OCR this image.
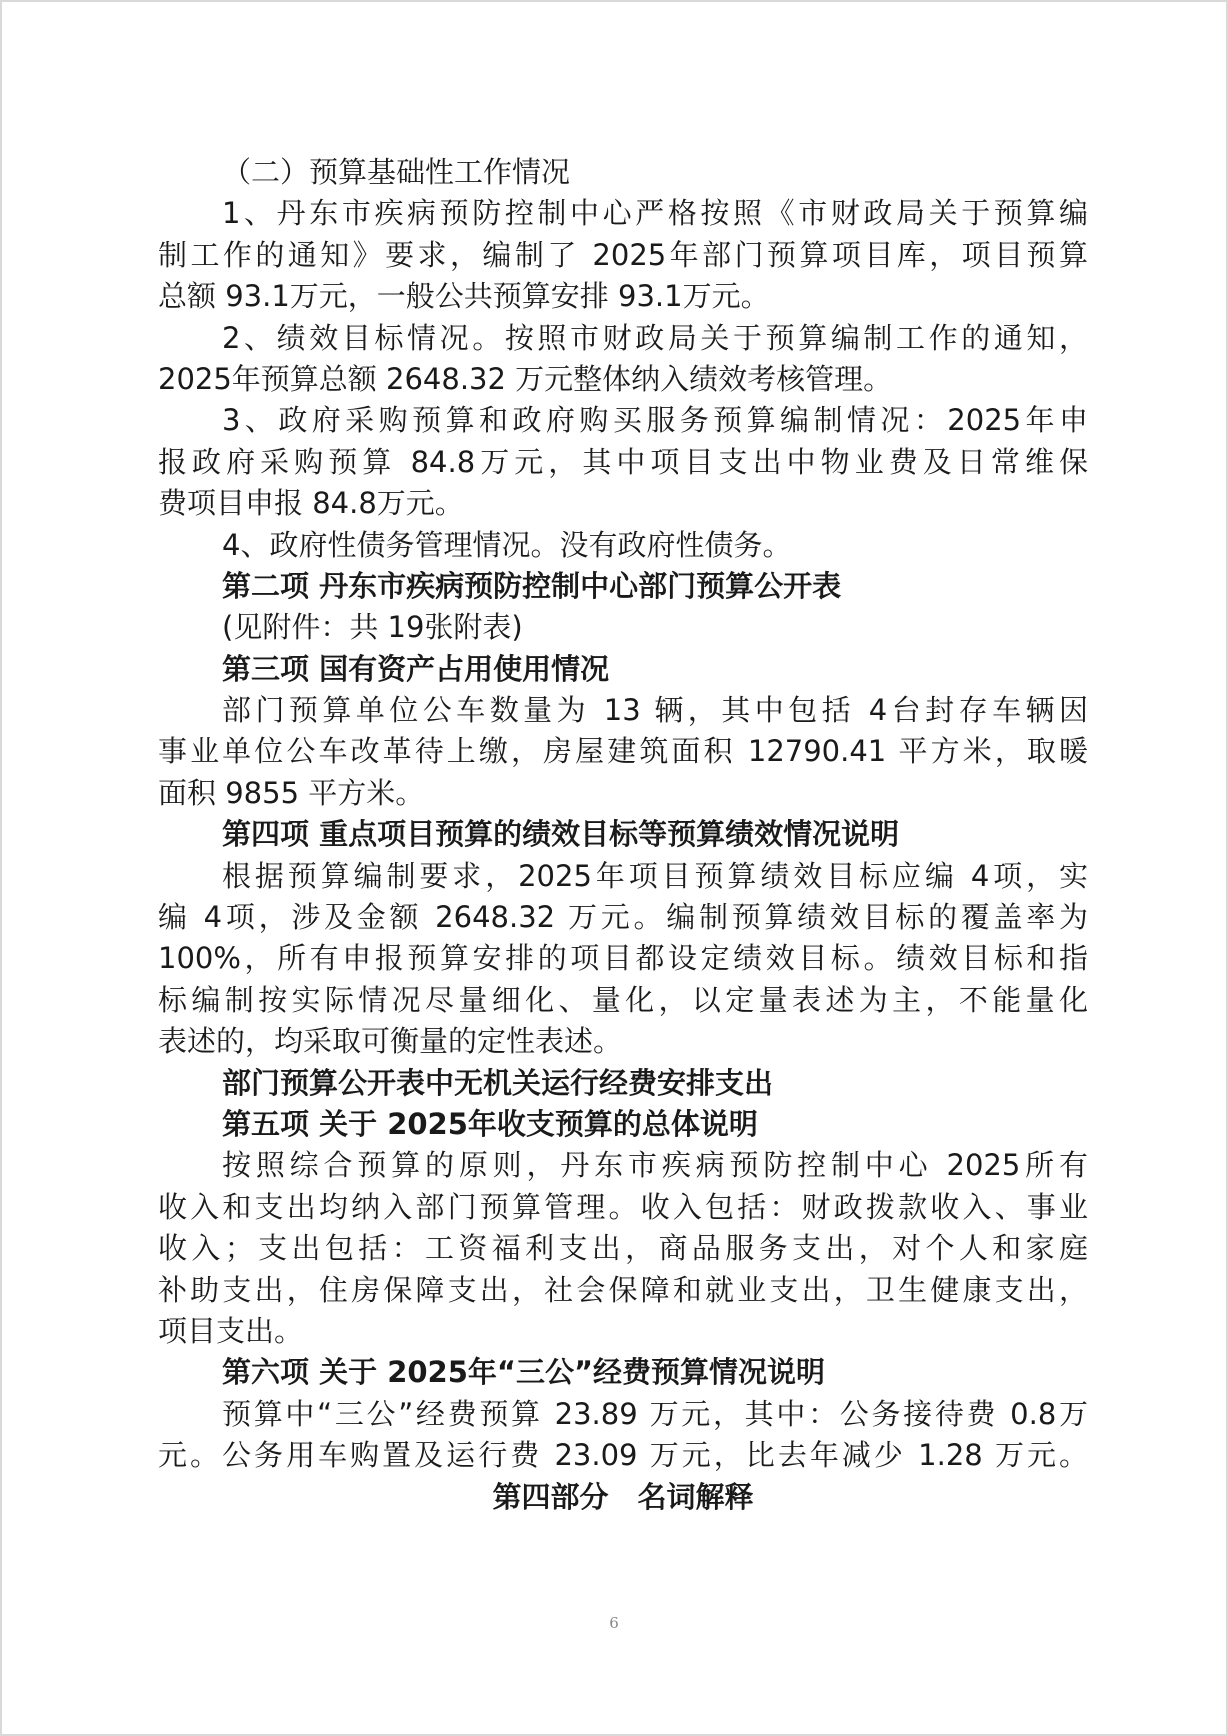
（二）预算基础性工作情况
1、丹东市疾病预防控制中心严格按照《市财政局关于预算编
制工作的通知》要求，编制了 2025年部门预算项目库，项目预算
总额 93.1万元，一般公共预算安排 93.1万元。
2、绩效目标情况。按照市财政局关于预算编制工作的通知，
2025年预算总额 2648.32 万元整体纳入绩效考核管理。
3、政府采购预算和政府购买服务预算编制情况：2025年申
报政府采购预算 84.8万元，其中项目支出中物业费及日常维保
费项目申报 84.8万元。
4、政府性债务管理情况。没有政府性债务。
第二项 丹东市疾病预防控制中心部门预算公开表
(见附件：共 19张附表)
第三项 国有资产占用使用情况
部门预算单位公车数量为 13 辆，其中包括 4台封存车辆因
事业单位公车改革待上缴，房屋建筑面积 12790.41 平方米，取暖
面积 9855 平方米。
第四项 重点项目预算的绩效目标等预算绩效情况说明
根据预算编制要求，2025年项目预算绩效目标应编 4项，实
编 4项，涉及金额 2648.32 万元。编制预算绩效目标的覆盖率为
100%，所有申报预算安排的项目都设定绩效目标。绩效目标和指
标编制按实际情况尽量细化、量化，以定量表述为主，不能量化
表述的，均采取可衡量的定性表述。
部门预算公开表中无机关运行经费安排支出
第五项 关于 2025年收支预算的总体说明
按照综合预算的原则，丹东市疾病预防控制中心 2025所有
收入和支出均纳入部门预算管理。收入包括：财政拨款收入、事业
收入；支出包括：工资福利支出，商品服务支出，对个人和家庭
补助支出，住房保障支出，社会保障和就业支出，卫生健康支出，
项目支出。
第六项 关于 2025年“三公”经费预算情况说明
预算中“三公”经费预算 23.89 万元，其中：公务接待费 0.8万
元。公务用车购置及运行费 23.09 万元，比去年减少 1.28 万元。
第四部分　名词解释
6
